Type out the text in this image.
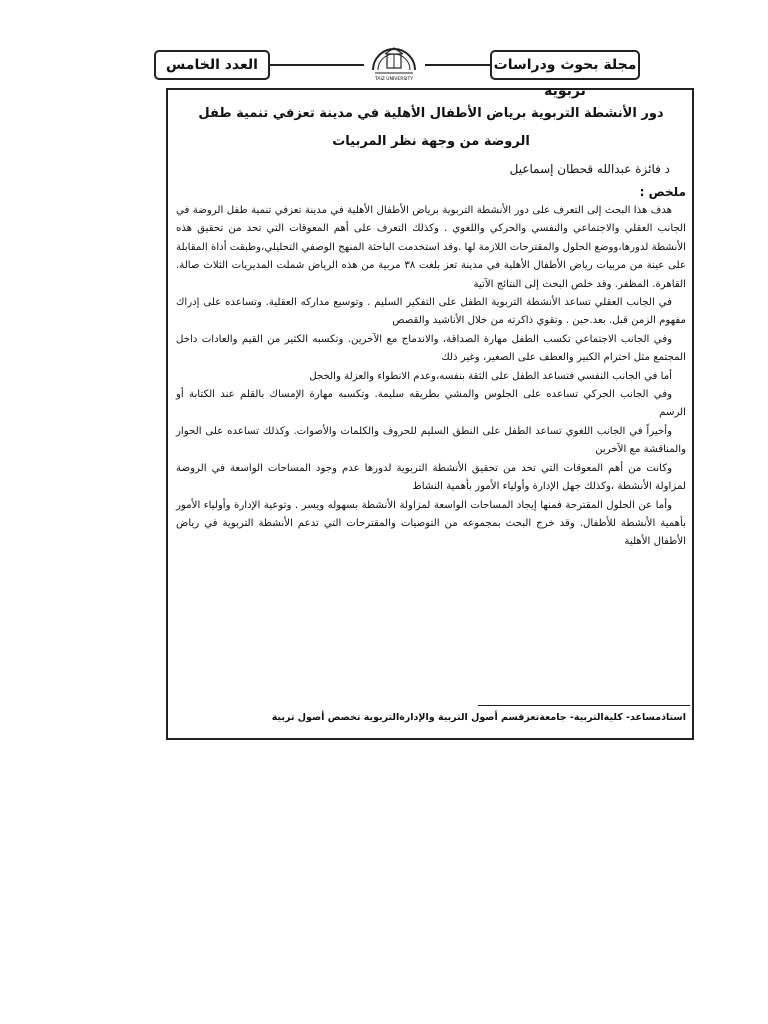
العدد الخامس	مجلة بحوث ودراسات تربوية
TAIZ UNIVERSITY

دور الأنشطة التربوية برياض الأطفال الأهلية في مدينة تعزفي تنمية طفل

الروضة من وجهة نظر المربيات

د فائزة عبدالله قحطان إسماعيل

ملخص :

هدف هذا البحث إلى التعرف على دور الأنشطة التربوية برياض الأطفال الأهلية في مدينة تعزفي تنمية طفل الروضة في الجانب العقلي والاجتماعي والنفسي والحركي واللغوي . وكذلك التعرف على أهم المعوقات التي تحد من تحقيق هذه الأنشطة لدورها،ووضع الحلول والمقترحات اللازمة لها .وقد استخدمت الباحثة المنهج الوصفي التحليلي،وطبقت أداة المقابلة على عينة من مربيات رياض الأطفال الأهلية في مدينة تعز بلغت ٣٨ مربية من هذه الرياض شملت المديريات الثلاث صالة. القاهرة. المظفر. وقد خلص البحث إلى النتائج الآتية

في الجانب العقلي تساعد الأنشطة التربوية الطفل على التفكير السليم . وتوسيع مداركه العقلية. وتساعده على إدراك مفهوم الزمن قبل. بعد.حين . وتقوي ذاكرته من خلال الأناشيد والقصص

وفي الجانب الاجتماعي تكسب الطفل مهارة الصداقة، والاندماج مع الآخرين. وتكسبه الكثير من القيم والعادات داخل المجتمع مثل احترام الكبير والعطف على الصغير، وغير ذلك

أما في الجانب النفسي فتساعد الطفل على الثقة بنفسه،وعدم الانطواء والعزلة والخجل

وفي الجانب الحركي تساعده على الجلوس والمشي بطريقه سليمة. وتكسبه مهارة الإمساك بالقلم عند الكتابة أو الرسم

وأخيراً في الجانب اللغوي تساعد الطفل على النطق السليم للحروف والكلمات والأصوات. وكذلك تساعده على الحوار والمناقشة مع الآخرين

وكانت من أهم المعوقات التي تحد من تحقيق الأنشطة التربوية لدورها عدم وجود المساحات الواسعة في الروضة لمزاولة الأنشطة ،وكذلك جهل الإدارة وأولياء الأمور بأهمية النشاط

وأما عن الحلول المقترحة فمنها إيجاد المساحات الواسعة لمزاولة الأنشطة بسهوله ويسر . وتوعية الإدارة وأولياء الأمور بأهمية الأنشطة للأطفال. وقد خرج البحث بمجموعه من التوصيات والمقترحات التي تدعم الأنشطة التربوية في رياض الأطفال الأهلية

استاذمساعد- كليةالتربية- جامعةتعزقسم أصول التربية والإدارةالتربوية تخصص أصول تربية
